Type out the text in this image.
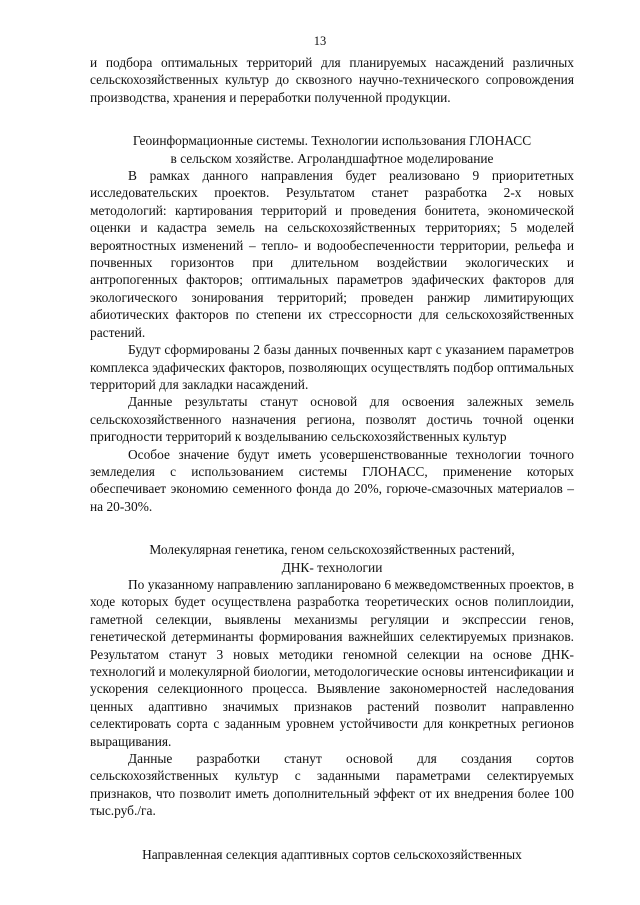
13

и подбора оптимальных территорий для планируемых насаждений различных сельскохозяйственных культур до сквозного научно-технического сопровождения производства, хранения и переработки полученной продукции.

Геоинформационные системы. Технологии использования ГЛОНАСС

в сельском хозяйстве. Агроландшафтное моделирование

В рамках данного направления будет реализовано 9 приоритетных исследовательских проектов. Результатом станет разработка 2-х новых методологий: картирования территорий и проведения бонитета, экономической оценки и кадастра земель на сельскохозяйственных территориях; 5 моделей вероятностных изменений – тепло- и водообеспеченности территории, рельефа и почвенных горизонтов при длительном воздействии экологических и антропогенных факторов; оптимальных параметров эдафических факторов для экологического зонирования территорий; проведен ранжир лимитирующих абиотических факторов по степени их стрессорности для сельскохозяйственных растений.

Будут сформированы 2 базы данных почвенных карт с указанием параметров комплекса эдафических факторов, позволяющих осуществлять подбор оптимальных территорий для закладки насаждений.

Данные результаты станут основой для освоения залежных земель сельскохозяйственного назначения региона, позволят достичь точной оценки пригодности территорий к возделыванию сельскохозяйственных культур

Особое значение будут иметь усовершенствованные технологии точного земледелия с использованием системы ГЛОНАСС, применение которых обеспечивает экономию семенного фонда до 20%, горюче-смазочных материалов – на 20-30%.

Молекулярная генетика, геном сельскохозяйственных растений,

ДНК- технологии

По указанному направлению запланировано 6 межведомственных проектов, в ходе которых будет осуществлена разработка теоретических основ полиплоидии, гаметной селекции, выявлены механизмы регуляции и экспрессии генов, генетической детерминанты формирования важнейших селектируемых признаков. Результатом станут 3 новых методики геномной селекции на основе ДНК-технологий и молекулярной биологии, методологические основы интенсификации и ускорения селекционного процесса. Выявление закономерностей наследования ценных адаптивно значимых признаков растений позволит направленно селектировать сорта с заданным уровнем устойчивости для конкретных регионов выращивания.

Данные разработки станут основой для создания сортов сельскохозяйственных культур с заданными параметрами селектируемых признаков, что позволит иметь дополнительный эффект от их внедрения более 100 тыс.руб./га.

Направленная селекция адаптивных сортов сельскохозяйственных
